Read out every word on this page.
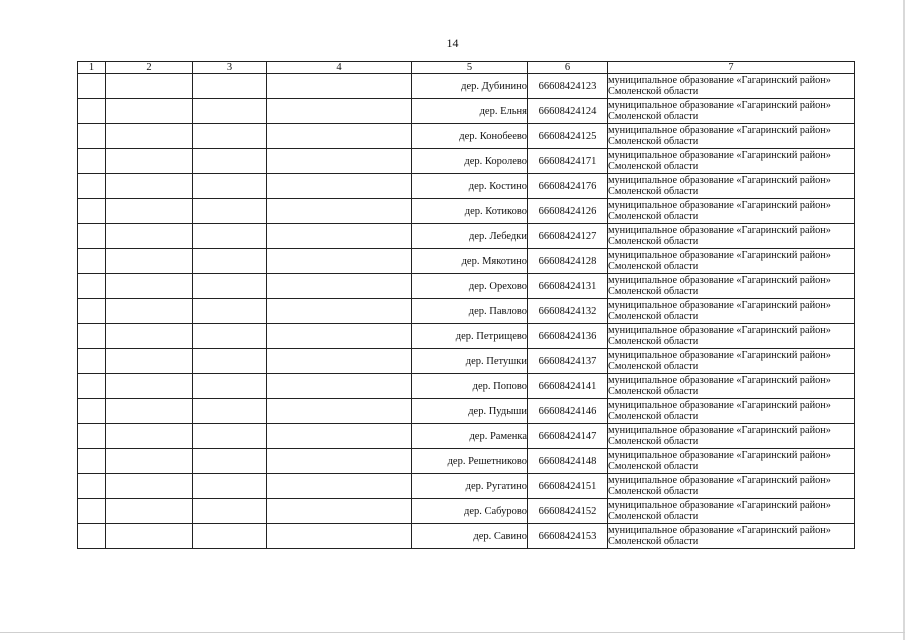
14
1	2	3	4	5	6	7
				дер. Дубинино	66608424123	муниципальное образование «Гагаринский район»
Смоленской области

				дер. Ельня	66608424124	муниципальное образование «Гагаринский район»
Смоленской области

				дер. Конобеево	66608424125	муниципальное образование «Гагаринский район»
Смоленской области

				дер. Королево	66608424171	муниципальное образование «Гагаринский район»
Смоленской области

				дер. Костино	66608424176	муниципальное образование «Гагаринский район»
Смоленской области

				дер. Котиково	66608424126	муниципальное образование «Гагаринский район»
Смоленской области

				дер. Лебедки	66608424127	муниципальное образование «Гагаринский район»
Смоленской области

				дер. Мякотино	66608424128	муниципальное образование «Гагаринский район»
Смоленской области

				дер. Орехово	66608424131	муниципальное образование «Гагаринский район»
Смоленской области

				дер. Павлово	66608424132	муниципальное образование «Гагаринский район»
Смоленской области

				дер. Петрищево	66608424136	муниципальное образование «Гагаринский район»
Смоленской области

				дер. Петушки	66608424137	муниципальное образование «Гагаринский район»
Смоленской области

				дер. Попово	66608424141	муниципальное образование «Гагаринский район»
Смоленской области

				дер. Пудыши	66608424146	муниципальное образование «Гагаринский район»
Смоленской области

				дер. Раменка	66608424147	муниципальное образование «Гагаринский район»
Смоленской области

				дер. Решетниково	66608424148	муниципальное образование «Гагаринский район»
Смоленской области

				дер. Ругатино	66608424151	муниципальное образование «Гагаринский район»
Смоленской области

				дер. Сабурово	66608424152	муниципальное образование «Гагаринский район»
Смоленской области

				дер. Савино	66608424153	муниципальное образование «Гагаринский район»
Смоленской области
